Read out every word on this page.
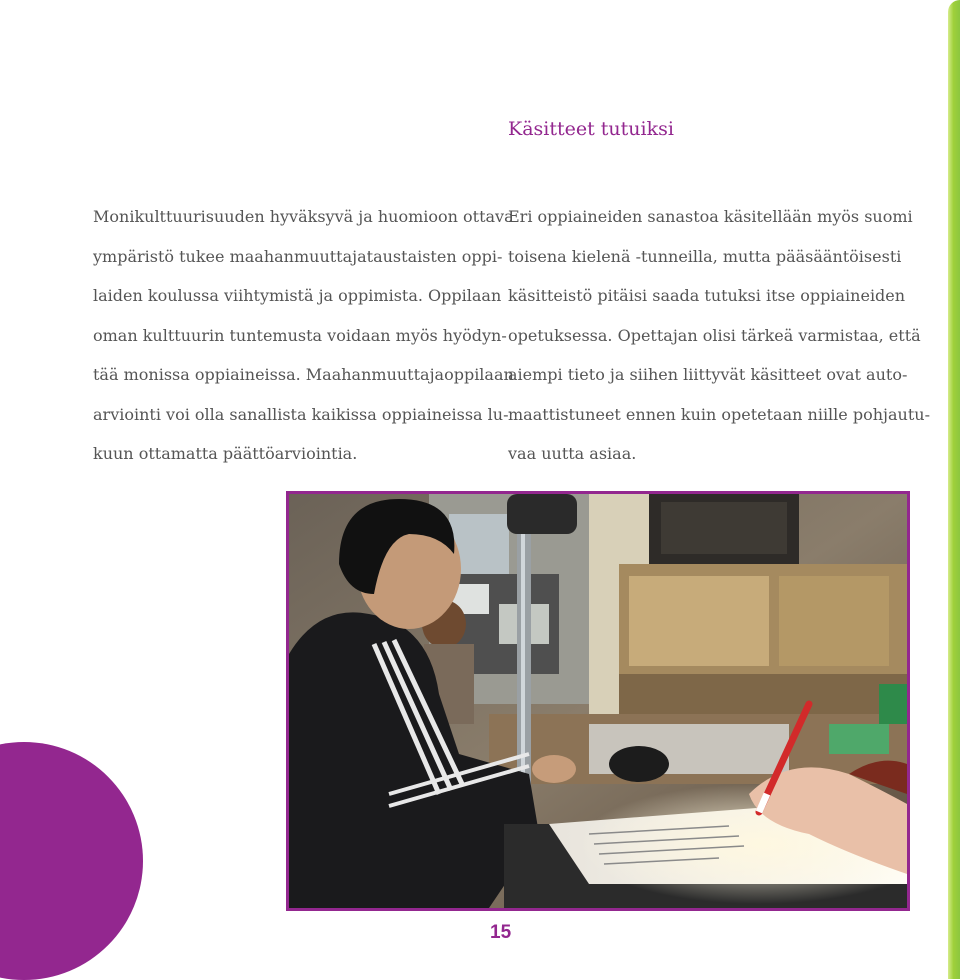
Käsitteet tutuiksi
Monikulttuurisuuden hyväksyvä ja huomioon ottava
ympäristö tukee maahanmuuttajataustaisten oppi-
laiden koulussa viihtymistä ja oppimista. Oppilaan
oman kulttuurin tuntemusta voidaan myös hyödyn-
tää monissa oppiaineissa. Maahanmuuttajaoppilaan
arviointi voi olla sanallista kaikissa oppiaineissa lu-
kuun ottamatta päättöarviointia.
Eri oppiaineiden sanastoa käsitellään myös suomi
toisena kielenä -tunneilla, mutta pääsääntöisesti
käsitteistö pitäisi saada tutuksi itse oppiaineiden
opetuksessa. Opettajan olisi tärkeä varmistaa, että
aiempi tieto ja siihen liittyvät käsitteet ovat auto-
maattistuneet ennen kuin opetetaan niille pohjautu-
vaa uutta asiaa.
15
